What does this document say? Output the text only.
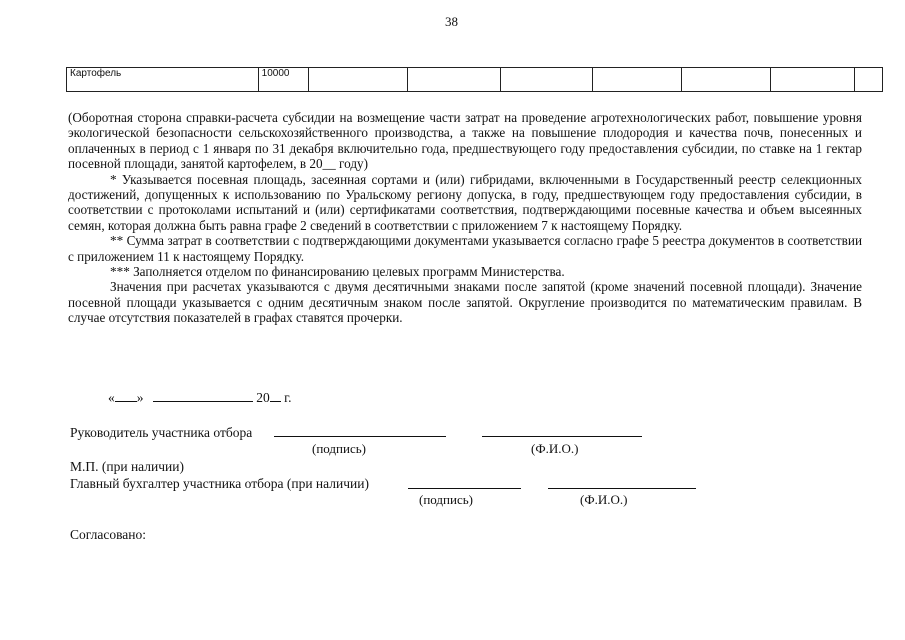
38
Картофель	10000							

(Оборотная сторона справки-расчета субсидии на возмещение части затрат на проведение агротехнологических работ, повышение уровня экологической безопасности сельскохозяйственного производства, а также на повышение плодородия и качества почв, понесенных и оплаченных в период с 1 января по 31 декабря включительно года, предшествующего году предоставления субсидии, по ставке на 1 гектар посевной площади, занятой картофелем, в 20__ году)

* Указывается посевная площадь, засеянная сортами и (или) гибридами, включенными в Государственный реестр селекционных достижений, допущенных к использованию по Уральскому региону допуска, в году, предшествующем году предоставления субсидии, в соответствии с протоколами испытаний и (или) сертификатами соответствия, подтверждающими посевные качества и объем высеянных семян, которая должна быть равна графе 2 сведений в соответствии с приложением 7 к настоящему Порядку.

** Сумма затрат в соответствии с подтверждающими документами указывается согласно графе 5 реестра документов в соответствии с приложением 11 к настоящему Порядку.

*** Заполняется отделом по финансированию целевых программ Министерства.

Значения при расчетах указываются с двумя десятичными знаками после запятой (кроме значений посевной площади). Значение посевной площади указывается с одним десятичным знаком после запятой. Округление производится по математическим правилам. В случае отсутствия показателей в графах ставятся прочерки.

« »	20 г.
Руководитель участника отбора
(подпись)	(Ф.И.О.)
М.П. (при наличии)
Главный бухгалтер участника отбора (при наличии)
(подпись)	(Ф.И.О.)
Согласовано:
